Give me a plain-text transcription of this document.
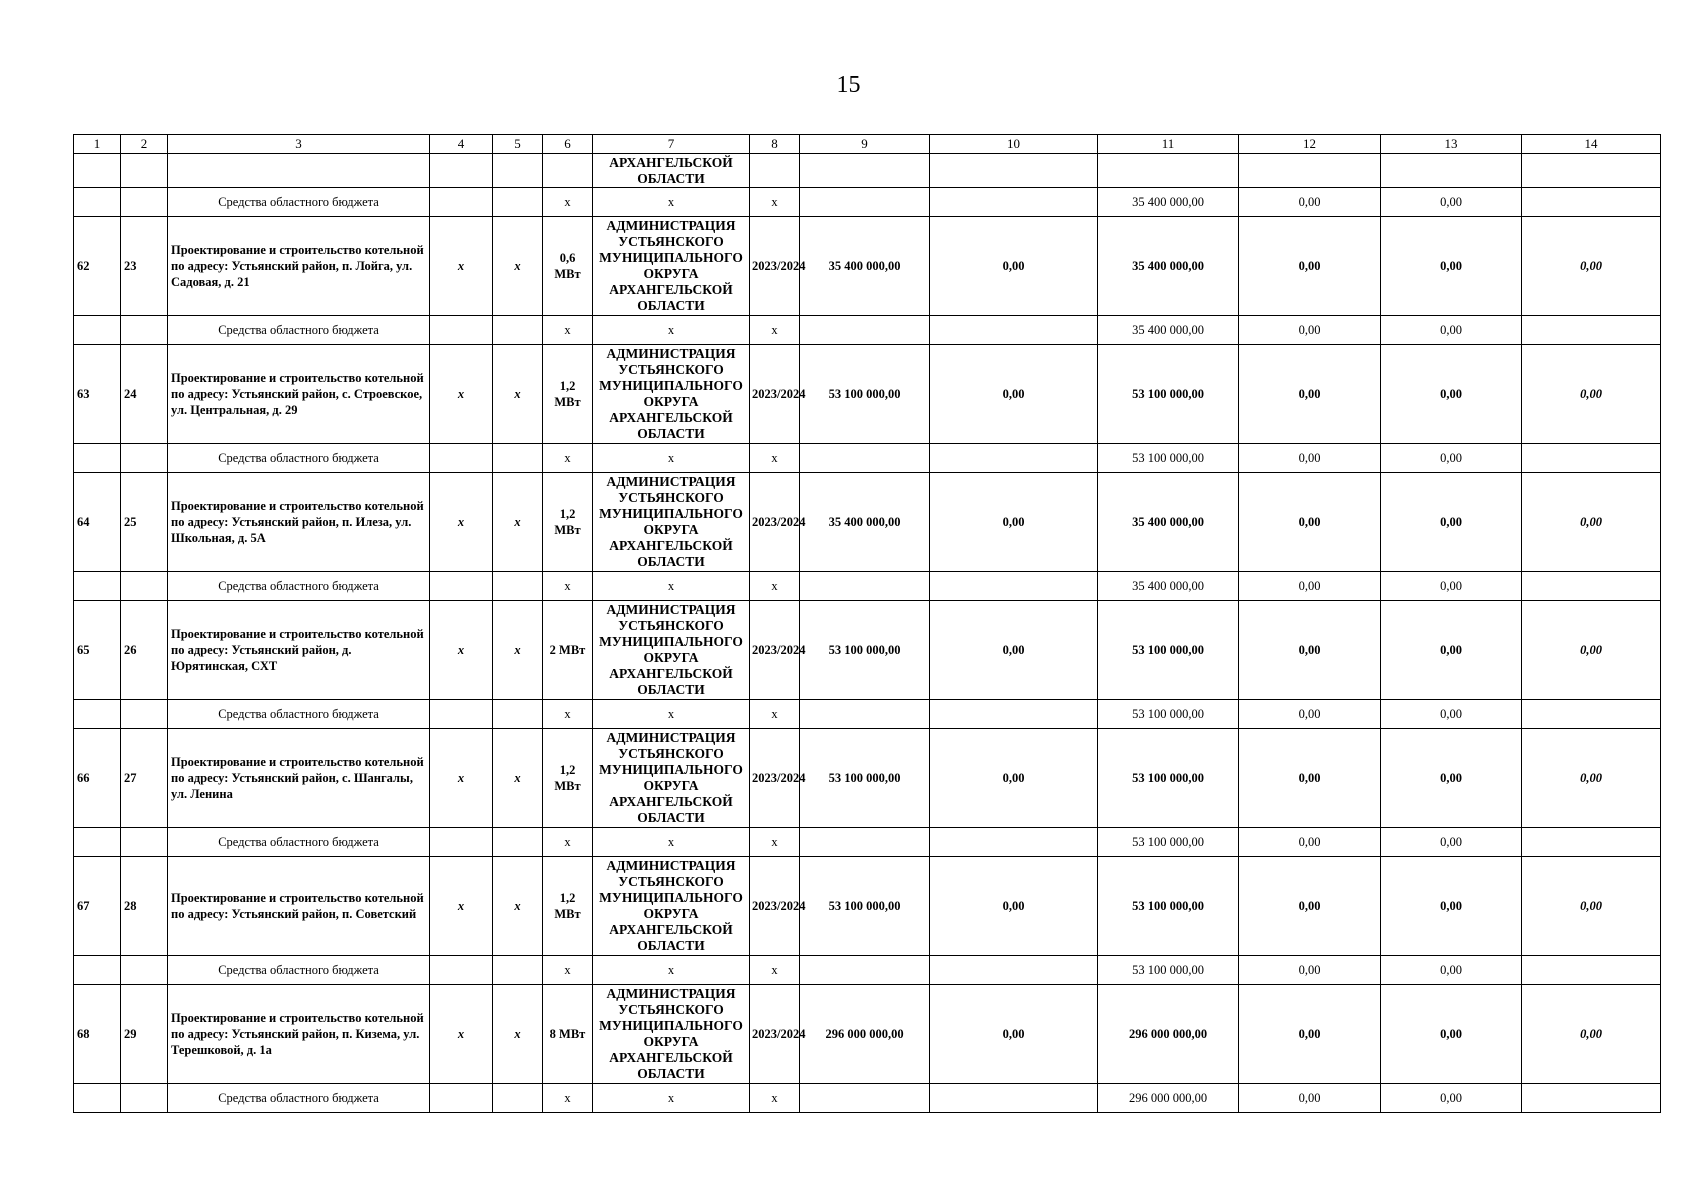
15
1	2	3	4	5	6	7	8	9	10	11	12	13	14
						АРХАНГЕЛЬСКОЙ ОБЛАСТИ							
		Средства областного бюджета			х	х	х			35 400 000,00	0,00	0,00	
62	23	Проектирование и строительство котельной по адресу: Устьянский район, п. Лойга, ул. Садовая, д. 21	х	х	0,6 МВт	АДМИНИСТРАЦИЯ УСТЬЯНСКОГО МУНИЦИПАЛЬНОГО ОКРУГА АРХАНГЕЛЬСКОЙ ОБЛАСТИ	2023/2024	35 400 000,00	0,00	35 400 000,00	0,00	0,00	0,00
		Средства областного бюджета			х	х	х			35 400 000,00	0,00	0,00	
63	24	Проектирование и строительство котельной по адресу: Устьянский район, с. Строевское, ул. Центральная, д. 29	х	х	1,2 МВт	АДМИНИСТРАЦИЯ УСТЬЯНСКОГО МУНИЦИПАЛЬНОГО ОКРУГА АРХАНГЕЛЬСКОЙ ОБЛАСТИ	2023/2024	53 100 000,00	0,00	53 100 000,00	0,00	0,00	0,00
		Средства областного бюджета			х	х	х			53 100 000,00	0,00	0,00	
64	25	Проектирование и строительство котельной по адресу: Устьянский район, п. Илеза, ул. Школьная, д. 5А	х	х	1,2 МВт	АДМИНИСТРАЦИЯ УСТЬЯНСКОГО МУНИЦИПАЛЬНОГО ОКРУГА АРХАНГЕЛЬСКОЙ ОБЛАСТИ	2023/2024	35 400 000,00	0,00	35 400 000,00	0,00	0,00	0,00
		Средства областного бюджета			х	х	х			35 400 000,00	0,00	0,00	
65	26	Проектирование и строительство котельной по адресу: Устьянский район, д. Юрятинская, СХТ	х	х	2 МВт	АДМИНИСТРАЦИЯ УСТЬЯНСКОГО МУНИЦИПАЛЬНОГО ОКРУГА АРХАНГЕЛЬСКОЙ ОБЛАСТИ	2023/2024	53 100 000,00	0,00	53 100 000,00	0,00	0,00	0,00
		Средства областного бюджета			х	х	х			53 100 000,00	0,00	0,00	
66	27	Проектирование и строительство котельной по адресу: Устьянский район, с. Шангалы, ул. Ленина	х	х	1,2 МВт	АДМИНИСТРАЦИЯ УСТЬЯНСКОГО МУНИЦИПАЛЬНОГО ОКРУГА АРХАНГЕЛЬСКОЙ ОБЛАСТИ	2023/2024	53 100 000,00	0,00	53 100 000,00	0,00	0,00	0,00
		Средства областного бюджета			х	х	х			53 100 000,00	0,00	0,00	
67	28	Проектирование и строительство котельной по адресу: Устьянский район, п. Советский	х	х	1,2 МВт	АДМИНИСТРАЦИЯ УСТЬЯНСКОГО МУНИЦИПАЛЬНОГО ОКРУГА АРХАНГЕЛЬСКОЙ ОБЛАСТИ	2023/2024	53 100 000,00	0,00	53 100 000,00	0,00	0,00	0,00
		Средства областного бюджета			х	х	х			53 100 000,00	0,00	0,00	
68	29	Проектирование и строительство котельной по адресу: Устьянский район, п. Кизема, ул. Терешковой, д. 1а	х	х	8 МВт	АДМИНИСТРАЦИЯ УСТЬЯНСКОГО МУНИЦИПАЛЬНОГО ОКРУГА АРХАНГЕЛЬСКОЙ ОБЛАСТИ	2023/2024	296 000 000,00	0,00	296 000 000,00	0,00	0,00	0,00
		Средства областного бюджета			х	х	х			296 000 000,00	0,00	0,00	
